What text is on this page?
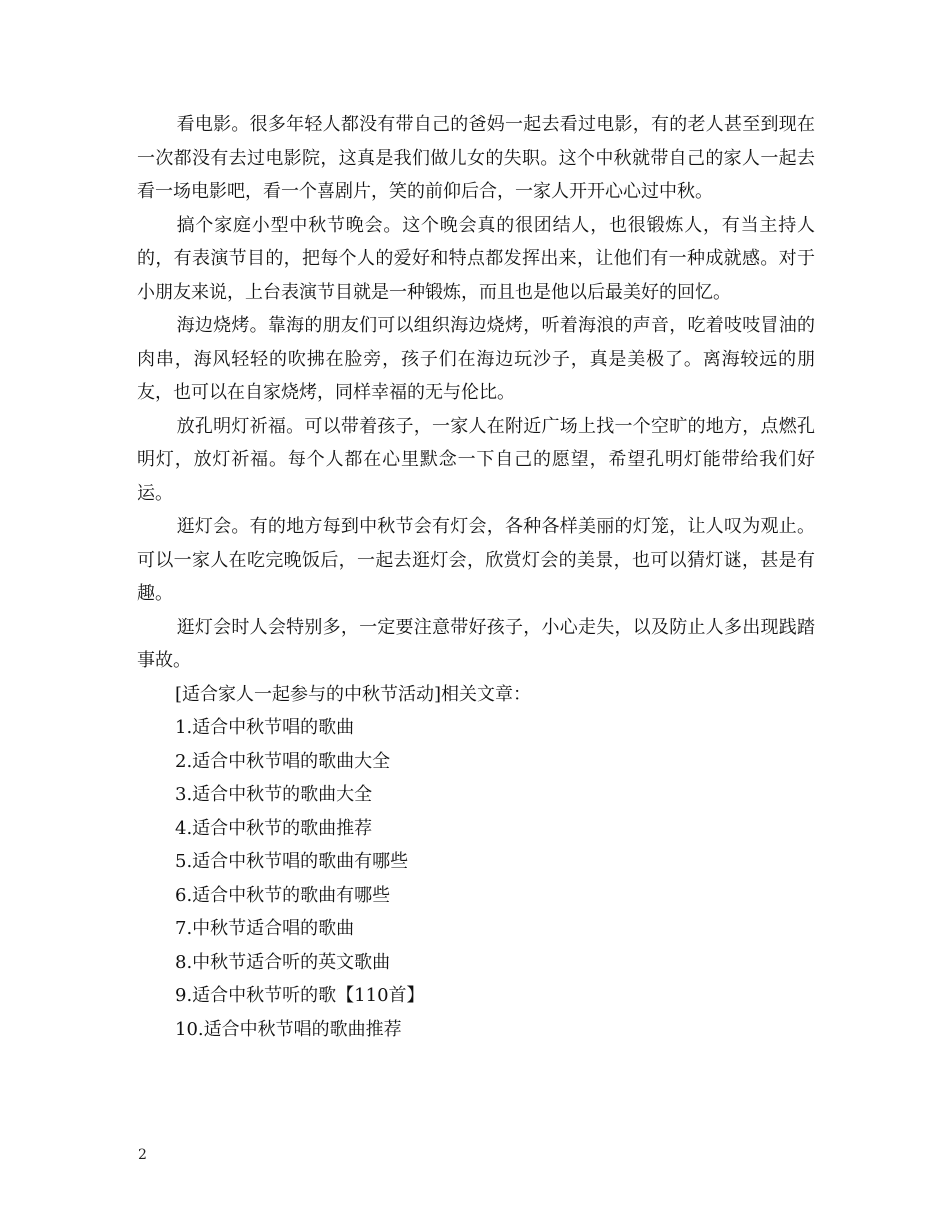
看电影。很多年轻人都没有带自己的爸妈一起去看过电影，有的老人甚至到现在一次都没有去过电影院，这真是我们做儿女的失职。这个中秋就带自己的家人一起去看一场电影吧，看一个喜剧片，笑的前仰后合，一家人开开心心过中秋。

搞个家庭小型中秋节晚会。这个晚会真的很团结人，也很锻炼人，有当主持人的，有表演节目的，把每个人的爱好和特点都发挥出来，让他们有一种成就感。对于小朋友来说，上台表演节目就是一种锻炼，而且也是他以后最美好的回忆。

海边烧烤。靠海的朋友们可以组织海边烧烤，听着海浪的声音，吃着吱吱冒油的肉串，海风轻轻的吹拂在脸旁，孩子们在海边玩沙子，真是美极了。离海较远的朋友，也可以在自家烧烤，同样幸福的无与伦比。

放孔明灯祈福。可以带着孩子，一家人在附近广场上找一个空旷的地方，点燃孔明灯，放灯祈福。每个人都在心里默念一下自己的愿望，希望孔明灯能带给我们好运。

逛灯会。有的地方每到中秋节会有灯会，各种各样美丽的灯笼，让人叹为观止。可以一家人在吃完晚饭后，一起去逛灯会，欣赏灯会的美景，也可以猜灯谜，甚是有趣。

逛灯会时人会特别多，一定要注意带好孩子，小心走失，以及防止人多出现践踏事故。

[适合家人一起参与的中秋节活动]相关文章：

1.适合中秋节唱的歌曲
2.适合中秋节唱的歌曲大全
3.适合中秋节的歌曲大全
4.适合中秋节的歌曲推荐
5.适合中秋节唱的歌曲有哪些
6.适合中秋节的歌曲有哪些
7.中秋节适合唱的歌曲
8.中秋节适合听的英文歌曲
9.适合中秋节听的歌【110首】
10.适合中秋节唱的歌曲推荐
2
